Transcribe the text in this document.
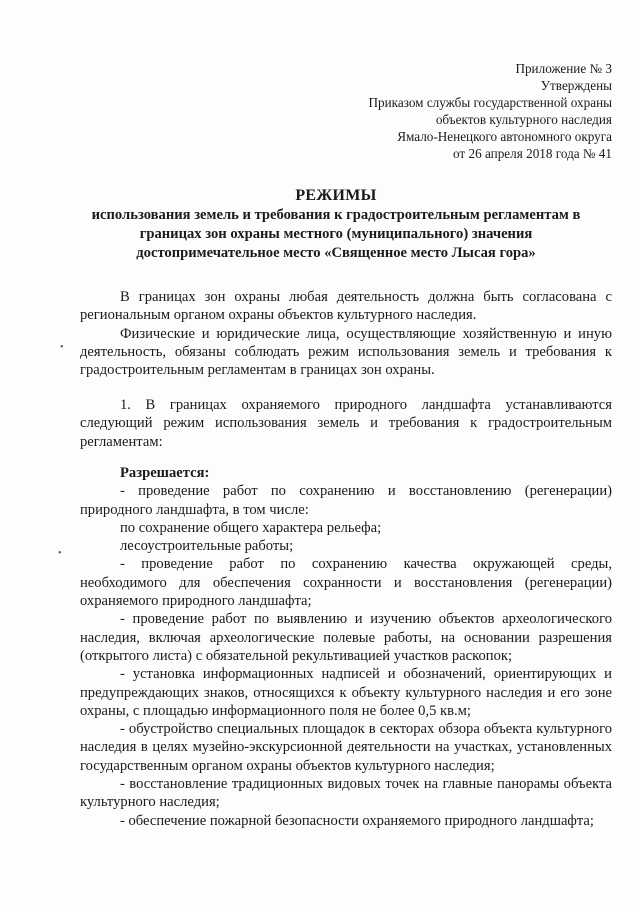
Приложение № 3
Утверждены
Приказом службы государственной охраны
объектов культурного наследия
Ямало-Ненецкого автономного округа
от 26 апреля 2018 года № 41
РЕЖИМЫ
использования земель и требования к градостроительным регламентам в
границах зон охраны местного (муниципального) значения
достопримечательное место «Священное место Лысая гора»

В границах зон охраны любая деятельность должна быть согласована с региональным органом охраны объектов культурного наследия.

Физические и юридические лица, осуществляющие хозяйственную и иную деятельность, обязаны соблюдать режим использования земель и требования к градостроительным регламентам в границах зон охраны.

1. В границах охраняемого природного ландшафта устанавливаются следующий режим использования земель и требования к градостроительным регламентам:

Разрешается:

- проведение работ по сохранению и восстановлению (регенерации) природного ландшафта, в том числе:

по сохранение общего характера рельефа;

лесоустроительные работы;

- проведение работ по сохранению качества окружающей среды, необходимого для обеспечения сохранности и восстановления (регенерации) охраняемого природного ландшафта;

- проведение работ по выявлению и изучению объектов археологического наследия, включая археологические полевые работы, на основании разрешения (открытого листа) с обязательной рекультивацией участков раскопок;

- установка информационных надписей и обозначений, ориентирующих и предупреждающих знаков, относящихся к объекту культурного наследия и его зоне охраны, с площадью информационного поля не более 0,5 кв.м;

- обустройство специальных площадок в секторах обзора объекта культурного наследия в целях музейно-экскурсионной деятельности на участках, установленных государственным органом охраны объектов культурного наследия;

- восстановление традиционных видовых точек на главные панорамы объекта культурного наследия;

- обеспечение пожарной безопасности охраняемого природного ландшафта;

•
•
